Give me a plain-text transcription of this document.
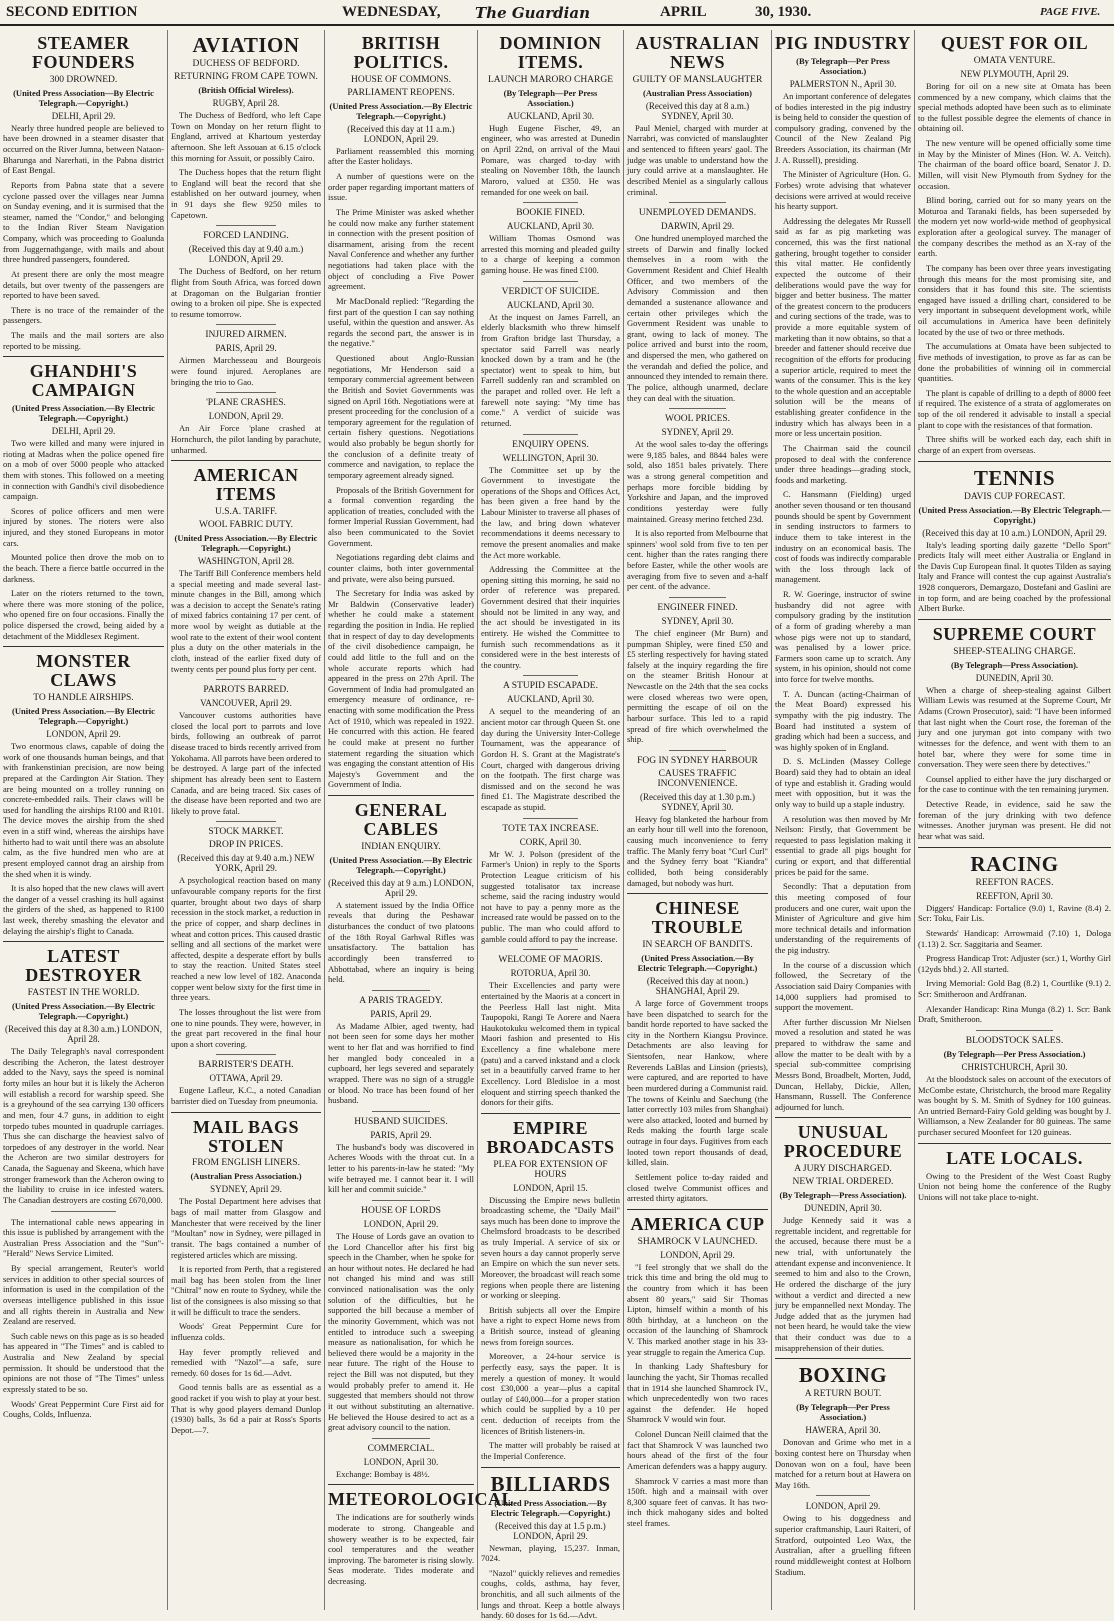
SECOND EDITION	WEDNESDAY, The Guardian	APRIL	30, 1930.	PAGE FIVE.
STEAMER FOUNDERS
300 DROWNED.
(United Press Association—By Electric Telegraph.—Copyright.)
DELHI, April 29.

Nearly three hundred people are believed to have been drowned in a steamer disaster that occurred on the River Jumna, between Nataon-Bharunga and Narerhati, in the Pabna district of East Bengal.

Reports from Pabna state that a severe cyclone passed over the villages near Jumna on Sunday evening, and it is surmised that the steamer, named the "Condor," and belonging to the Indian River Steam Navigation Company, which was proceeding to Goalunda from Juggernathgange, with mails and about three hundred passengers, foundered.

At present there are only the most meagre details, but over twenty of the passengers are reported to have been saved.

There is no trace of the remainder of the passengers.

The mails and the mail sorters are also reported to be missing.

GHANDHI'S CAMPAIGN
(United Press Association.—By Electric Telegraph.—Copyright.)
DELHI, April 29.

Two were killed and many were injured in rioting at Madras when the police opened fire on a mob of over 5000 people who attacked them with stones. This followed on a meeting in connection with Gandhi's civil disobedience campaign.

Scores of police officers and men were injured by stones. The rioters were also injured, and they stoned Europeans in motor cars.

Mounted police then drove the mob on to the beach. There a fierce battle occurred in the darkness.

Later on the rioters returned to the town, where there was more stoning of the police, who opened fire on four occasions. Finally the police dispersed the crowd, being aided by a detachment of the Middlesex Regiment.

MONSTER CLAWS
TO HANDLE AIRSHIPS.
(United Press Association.—By Electric Telegraph.—Copyright.)
LONDON, April 29.

Two enormous claws, capable of doing the work of one thousands human beings, and that with frankenstinian precision, are now being prepared at the Cardington Air Station. They are being mounted on a trolley running on concrete-embedded rails. Their claws will be used for handling the airships R100 and R101. The device moves the airship from the shed even in a stiff wind, whereas the airships have hitherto had to wait until there was an absolute calm, as the five hundred men who are at present employed cannot drag an airship from the shed when it is windy.

It is also hoped that the new claws will avert the danger of a vessel crashing its hull against the girders of the shed, as happened to R100 last week, thereby smashing the elevator and delaying the airship's flight to Canada.

LATEST DESTROYER
FASTEST IN THE WORLD.
(United Press Association.—By Electric Telegraph.—Copyright.)
(Received this day at 8.30 a.m.) LONDON, April 28.

The Daily Telegraph's naval correspondent describing the Acheron, the latest destroyer added to the Navy, says the speed is nominal forty miles an hour but it is likely the Acheron will establish a record for warship speed. She is a greyhound of the sea carrying 130 officers and men, four 4.7 guns, in addition to eight torpedo tubes mounted in quadruple carriages. Thus she can discharge the heaviest salvo of torpedoes of any destroyer in the world. Near the Acheron are two similar destroyers for Canada, the Saguenay and Skeena, which have stronger framework than the Acheron owing to the liability to cruise in ice infested waters. The Canadian destroyers are costing £670,000.

The international cable news appearing in this issue is published by arrangement with the Australian Press Association and the "Sun"-"Herald" News Service Limited.

By special arrangement, Reuter's world services in addition to other special sources of information is used in the compilation of the overseas intelligence published in this issue and all rights therein in Australia and New Zealand are reserved.

Such cable news on this page as is so headed has appeared in "The Times" and is cabled to Australia and New Zealand by special permission. It should be understood that the opinions are not those of "The Times" unless expressly stated to be so.

Woods' Great Peppermint Cure First aid for Coughs, Colds, Influenza.

AVIATION
DUCHESS OF BEDFORD.
RETURNING FROM CAPE TOWN.
(British Official Wireless).
RUGBY, April 28.

The Duchess of Bedford, who left Cape Town on Monday on her return flight to England, arrived at Khartoum yesterday afternoon. She left Assouan at 6.15 o'clock this morning for Assuit, or possibly Cairo.

The Duchess hopes that the return flight to England will beat the record that she established on her outward journey, when in 91 days she flew 9250 miles to Capetown.

FORCED LANDING.
(Received this day at 9.40 a.m.) LONDON, April 29.

The Duchess of Bedford, on her return flight from South Africa, was forced down at Dragoman on the Bulgarian frontier owing to a broken oil pipe. She is expected to resume tomorrow.

INJURED AIRMEN.
PARIS, April 29.

Airmen Marchesseau and Bourgeois were found injured. Aeroplanes are bringing the trio to Gao.

'PLANE CRASHES.
LONDON, April 29.

An Air Force 'plane crashed at Hornchurch, the pilot landing by parachute, unharmed.

AMERICAN ITEMS
U.S.A. TARIFF.
WOOL FABRIC DUTY.
(United Press Association.—By Electric Telegraph.—Copyright.)
WASHINGTON, April 28.

The Tariff Bill Conference members held a special meeting and made several last-minute changes in the Bill, among which was a decision to accept the Senate's rating of mixed fabrics containing 17 per cent. of more wool by weight as dutiable at the wool rate to the extent of their wool content plus a duty on the other materials in the cloth, instead of the earlier fixed duty of twenty cents per pound plus forty per cent.

PARROTS BARRED.
VANCOUVER, April 29.

Vancouver customs authorities have closed the local port to parrots and love birds, following an outbreak of parrot disease traced to birds recently arrived from Yokohama. All parrots have been ordered to be destroyed. A large part of the infected shipment has already been sent to Eastern Canada, and are being traced. Six cases of the disease have been reported and two are likely to prove fatal.

STOCK MARKET.
DROP IN PRICES.
(Received this day at 9.40 a.m.) NEW YORK, April 29.

A psychological reaction based on many unfavourable company reports for the first quarter, brought about two days of sharp recession in the stock market, a reduction in the price of copper, and sharp declines in wheat and cotton prices. This caused drastic selling and all sections of the market were affected, despite a desperate effort by bulls to stay the reaction. United States steel reached a new low level of 182. Anaconda copper went below sixty for the first time in three years.

The losses throughout the list were from one to nine pounds. They were, however, in the great part recovered in the final hour upon a short covering.

BARRISTER'S DEATH.
OTTAWA, April 29.

Eugene Lafleur, K.C., a noted Canadian barrister died on Tuesday from pneumonia.

MAIL BAGS STOLEN
FROM ENGLISH LINERS.
(Australian Press Association.)
SYDNEY, April 29.

The Postal Department here advises that bags of mail matter from Glasgow and Manchester that were received by the liner "Moultan" now in Sydney, were pillaged in transit. The bags contained a number of registered articles which are missing.

It is reported from Perth, that a registered mail bag has been stolen from the liner "Chitral" now en route to Sydney, while the list of the consignees is also missing so that it will be difficult to trace the senders.

Woods' Great Peppermint Cure for influenza colds.

Hay fever promptly relieved and remedied with "Nazol"—a safe, sure remedy. 60 doses for 1s 6d.—Advt.

Good tennis balls are as essential as a good racket if you wish to play at your best. That is why good players demand Dunlop (1930) balls, 3s 6d a pair at Ross's Sports Depot.—7.

BRITISH POLITICS.
HOUSE OF COMMONS.
PARLIAMENT REOPENS.
(United Press Association.—By Electric Telegraph.—Copyright.)
(Received this day at 11 a.m.) LONDON, April 29.

Parliament reassembled this morning after the Easter holidays.

A number of questions were on the order paper regarding important matters of issue.

The Prime Minister was asked whether he could now make any further statement in connection with the present position of disarmament, arising from the recent Naval Conference and whether any further negotiations had taken place with the object of concluding a Five Power agreement.

Mr MacDonald replied: "Regarding the first part of the question I can say nothing useful, within the question and answer. As regards the second part, the answer is in the negative."

Questioned about Anglo-Russian negotiations, Mr Henderson said a temporary commercial agreement between the British and Soviet Governments was signed on April 16th. Negotiations were at present proceeding for the conclusion of a temporary agreement for the regulation of certain fishery questions. Negotiations would also probably be begun shortly for the conclusion of a definite treaty of commerce and navigation, to replace the temporary agreement already signed.

Proposals of the British Government for a formal convention regarding the application of treaties, concluded with the former Imperial Russian Government, had also been communicated to the Soviet Government.

Negotiations regarding debt claims and counter claims, both inter governmental and private, were also being pursued.

The Secretary for India was asked by Mr Baldwin (Conservative leader) whether he could make a statement regarding the position in India. He replied that in respect of day to day developments of the civil disobedience campaign, he could add little to the full and on the whole accurate reports which had appeared in the press on 27th April. The Government of India had promulgated an emergency measure of ordinance, re-enacting with some modification the Press Act of 1910, which was repealed in 1922. He concurred with this action. He feared he could make at present no further statement regarding the situation which was engaging the constant attention of His Majesty's Government and the Government of India.

GENERAL CABLES
INDIAN ENQUIRY.
(United Press Association.—By Electric Telegraph.—Copyright.)
(Received this day at 9 a.m.) LONDON, April 29.

A statement issued by the India Office reveals that during the Peshawar disturbances the conduct of two platoons of the 18th Royal Garhwal Rifles was unsatisfactory. The battalion has accordingly been transferred to Abbottabad, where an inquiry is being held.

A PARIS TRAGEDY.
PARIS, April 29.

As Madame Albier, aged twenty, had not been seen for some days her mother went to her flat and was horrified to find her mangled body concealed in a cupboard, her legs severed and separately wrapped. There was no sign of a struggle or blood. No trace has been found of her husband.

HUSBAND SUICIDES.
PARIS, April 29.

The husband's body was discovered in Acheres Woods with the throat cut. In a letter to his parents-in-law he stated: "My wife betrayed me. I cannot bear it. I will kill her and commit suicide."

HOUSE OF LORDS
LONDON, April 29.

The House of Lords gave an ovation to the Lord Chancellor after his first big speech in the Chamber, when he spoke for an hour without notes. He declared he had not changed his mind and was still convinced nationalisation was the only solution of the difficulties, but he supported the bill because a member of the minority Government, which was not entitled to introduce such a sweeping measure as nationalisation, for which he believed there would be a majority in the near future. The right of the House to reject the Bill was not disputed, but they would probably prefer to amend it. He suggested that members should not throw it out without substituting an alternative. He believed the House desired to act as a great advisory council to the nation.

COMMERCIAL.
LONDON, April 30.

Exchange: Bombay is 48½.

METEOROLOGICAL

The indications are for southerly winds moderate to strong. Changeable and showery weather is to be expected, fair cool temperatures and the weather improving. The barometer is rising slowly. Seas moderate. Tides moderate and decreasing.

DOMINION ITEMS.
LAUNCH MARORO CHARGE
(By Telegraph—Per Press Association.)
AUCKLAND, April 30.

Hugh Eugene Fischer, 49, an engineer, who was arrested at Dunedin on April 22nd, on arrival of the Maui Pomare, was charged to-day with stealing on November 18th, the launch Maroro, valued at £350. He was remanded for one week on bail.

BOOKIE FINED.
AUCKLAND, April 30.

William Thomas Osmond was arrested this morning and pleaded guilty to a charge of keeping a common gaming house. He was fined £100.

VERDICT OF SUICIDE.
AUCKLAND, April 30.

At the inquest on James Farrell, an elderly blacksmith who threw himself from Grafton bridge last Thursday, a spectator said Farrell was nearly knocked down by a tram and he (the spectator) went to speak to him, but Farrell suddenly ran and scrambled on the parapet and rolled over. He left a farewell note saying: "My time has come." A verdict of suicide was returned.

ENQUIRY OPENS.
WELLINGTON, April 30.

The Committee set up by the Government to investigate the operations of the Shops and Offices Act, has been given a free hand by the Labour Minister to traverse all phases of the law, and bring down whatever recommendations it deems necessary to remove the present anomalies and make the Act more workable.

Addressing the Committee at the opening sitting this morning, he said no order of reference was prepared. Government desired that their inquiries should not be limited in any way, and the act should be investigated in its entirety. He wished the Committee to furnish such recommendations as it considered were in the best interests of the country.

A STUPID ESCAPADE.
AUCKLAND, April 30.

A sequel to the meandering of an ancient motor car through Queen St. one day during the University Inter-College Tournament, was the appearance of Gordon H. S. Grant at the Magistrate's Court, charged with dangerous driving on the footpath. The first charge was dismissed and on the second he was fined £1. The Magistrate described the escapade as stupid.

TOTE TAX INCREASE.
CORK, April 30.

Mr W. J. Polson (president of the Farmer's Union) in reply to the Sports Protection League criticism of his suggested totalisator tax increase scheme, said the racing industry would not have to pay a penny more as the increased rate would be passed on to the public. The man who could afford to gamble could afford to pay the increase.

WELCOME OF MAORIS.
ROTORUA, April 30.

Their Excellencies and party were entertained by the Maoris at a concert in the Peerless Hall last night. Mita Taupopoki, Rangi Te Aorere and Naera Haukotokuku welcomed them in typical Maori fashion and presented to His Excellency a fine whalebone mere (patu) and a carved inkstand and a clock set in a beautifully carved frame to her Excellency. Lord Bledisloe in a most eloquent and stirring speech thanked the donors for their gifts.

EMPIRE BROADCASTS
PLEA FOR EXTENSION OF HOURS
LONDON, April 15.

Discussing the Empire news bulletin broadcasting scheme, the "Daily Mail" says much has been done to improve the Chelmsford broadcasts to be described as truly Imperial. A service of six or seven hours a day cannot properly serve an Empire on which the sun never sets. Moreover, the broadcast will reach some regions when people there are listening or working or sleeping.

British subjects all over the Empire have a right to expect Home news from a British source, instead of gleaning news from foreign sources.

Moreover, a 24-hour service is perfectly easy, says the paper. It is merely a question of money. It would cost £30,000 a year—plus a capital outlay of £40,000—for a proper station which could be supplied by a 10 per cent. deduction of receipts from the licences of British listeners-in.

The matter will probably be raised at the Imperial Conference.

BILLIARDS
(United Press Association.—By Electric Telegraph.—Copyright.)
(Received this day at 1.5 p.m.) LONDON, April 29.

Newman, playing, 15,237. Inman, 7024.

"Nazol" quickly relieves and remedies coughs, colds, asthma, hay fever, bronchitis, and all such ailments of the lungs and throat. Keep a bottle always handy. 60 doses for 1s 6d.—Advt.

AUSTRALIAN NEWS
GUILTY OF MANSLAUGHTER
(Australian Press Association)
(Received this day at 8 a.m.) SYDNEY, April 30.

Paul Meniel, charged with murder at Narrabri, was convicted of manslaughter and sentenced to fifteen years' gaol. The judge was unable to understand how the jury could arrive at a manslaughter. He described Meniel as a singularly callous criminal.

UNEMPLOYED DEMANDS.
DARWIN, April 29.

One hundred unemployed marched the streets of Darwin and finally locked themselves in a room with the Government Resident and Chief Health Officer, and two members of the Advisory Commission and then demanded a sustenance allowance and certain other privileges which the Government Resident was unable to grant, owing to lack of money. The police arrived and burst into the room, and dispersed the men, who gathered on the verandah and defied the police, and announced they intended to remain there. The police, although unarmed, declare they can deal with the situation.

WOOL PRICES.
SYDNEY, April 29.

At the wool sales to-day the offerings were 9,185 bales, and 8844 bales were sold, also 1851 bales privately. There was a strong general competition and perhaps more forcible bidding by Yorkshire and Japan, and the improved conditions yesterday were fully maintained. Greasy merino fetched 23d.

It is also reported from Melbourne that spinners' wool sold from five to ten per cent. higher than the rates ranging there before Easter, while the other wools are averaging from five to seven and a-half per cent. of the advance.

ENGINEER FINED.
SYDNEY, April 30.

The chief engineer (Mr Burn) and pumpman Shipley, were fined £50 and £5 sterling respectively for having stated falsely at the inquiry regarding the fire on the steamer British Honour at Newcastle on the 24th that the sea cocks were closed whereas two were open, permitting the escape of oil on the harbour surface. This led to a rapid spread of fire which overwhelmed the ship.

FOG IN SYDNEY HARBOUR
CAUSES TRAFFIC INCONVENIENCE.
(Received this day at 1.30 p.m.) SYDNEY, April 30.

Heavy fog blanketed the harbour from an early hour till well into the forenoon, causing much inconvenience to ferry traffic. The Manly ferry boat "Curl Curl" and the Sydney ferry boat "Kiandra" collided, both being considerably damaged, but nobody was hurt.

CHINESE TROUBLE
IN SEARCH OF BANDITS.
(United Press Association.—By Electric Telegraph.—Copyright.)
(Received this day at noon.) SHANGHAI, April 29.

A large force of Government troops have been dispatched to search for the bandit horde reported to have sacked the city in the Northern Kiangsu Province. Detachments are also leaving for Sientsofen, near Hankow, where Reverends LaBlas and Linsion (priests), were captured, and are reported to have been murdered during a Communist raid. The towns of Keinlu and Saechung (the latter correctly 103 miles from Shanghai) were also attacked, looted and burned by Reds making the fourth large scale outrage in four days. Fugitives from each looted town report thousands of dead, killed, slain.

Settlement police to-day raided and closed twelve Communist offices and arrested thirty agitators.

AMERICA CUP
SHAMROCK V LAUNCHED.
LONDON, April 29.

"I feel strongly that we shall do the trick this time and bring the old mug to the country from which it has been absent 80 years," said Sir Thomas Lipton, himself within a month of his 80th birthday, at a luncheon on the occasion of the launching of Shamrock V. This marked another stage in his 33-year struggle to regain the America Cup.

In thanking Lady Shaftesbury for launching the yacht, Sir Thomas recalled that in 1914 she launched Shamrock IV., which unprecedentedly won two races against the defender. He hoped Shamrock V would win four.

Colonel Duncan Neill claimed that the fact that Shamrock V was launched two hours ahead of the first of the four American defenders was a happy augury.

Shamrock V carries a mast more than 150ft. high and a mainsail with over 8,300 square feet of canvas. It has two-inch thick mahogany sides and bolted steel frames.

PIG INDUSTRY
(By Telegraph—Per Press Association.)
PALMERSTON N., April 30.

An important conference of delegates of bodies interested in the pig industry is being held to consider the question of compulsory grading, convened by the Council of the New Zealand Pig Breeders Association, its chairman (Mr J. A. Russell), presiding.

The Minister of Agriculture (Hon. G. Forbes) wrote advising that whatever decisions were arrived at would receive his hearty support.

Addressing the delegates Mr Russell said as far as pig marketing was concerned, this was the first national gathering, brought together to consider this vital matter. He confidently expected the outcome of their deliberations would pave the way for bigger and better business. The matter of the greatest concern to the producers and curing sections of the trade, was to provide a more equitable system of marketing than it now obtains, so that a breeder and fattener should receive due recognition of the efforts for producing a superior article, required to meet the wants of the consumer. This is the key to the whole question and an acceptable solution will be the means of establishing greater confidence in the industry which has always been in a more or less uncertain position.

The Chairman said the council proposed to deal with the conference under three headings—grading stock, foods and marketing.

C. Hansmann (Fielding) urged another seven thousand or ten thousand pounds should be spent by Government in sending instructors to farmers to induce them to take interest in the industry on an economical basis. The cost of foods was indirectly comparable with the loss through lack of management.

R. W. Goeringe, instructor of swine husbandry did not agree with compulsory grading by the institution of a form of grading whereby a man whose pigs were not up to standard, was penalised by a lower price. Farmers soon came up to scratch. Any system, in his opinion, should not come into force for twelve months.

T. A. Duncan (acting-Chairman of the Meat Board) expressed his sympathy with the pig industry. The Board had instituted a system of grading which had been a success, and was highly spoken of in England.

D. S. McLinden (Massey College Board) said they had to obtain an ideal of type and establish it. Grading would meet with opposition, but it was the only way to build up a staple industry.

A resolution was then moved by Mr Neilson: Firstly, that Government be requested to pass legislation making it essential to grade all pigs bought for curing or export, and that differential prices be paid for the same.

Secondly: That a deputation from this meeting composed of four producers and one curer, wait upon the Minister of Agriculture and give him more technical details and information understanding of the requirements of the pig industry.

In the course of a discussion which followed, the Secretary of the Association said Dairy Companies with 14,000 suppliers had promised to support the movement.

After further discussion Mr Nielsen moved a resolution and stated he was prepared to withdraw the same and allow the matter to be dealt with by a special sub-committee comprising Messrs Bond, Broadbelt, Morten, Judd, Duncan, Hellaby, Dickie, Allen, Hansmann, Russell. The Conference adjourned for lunch.

UNUSUAL PROCEDURE
A JURY DISCHARGED.
NEW TRIAL ORDERED.
(By Telegraph—Press Association).
DUNEDIN, April 30.

Judge Kennedy said it was a regrettable incident, and regrettable for the accused, because there must be a new trial, with unfortunately the attendant expense and inconvenience. It seemed to him and also to the Crown, He ordered the discharge of the jury without a verdict and directed a new jury be empannelled next Monday. The Judge added that as the jurymen had not been heard, he would take the view that their conduct was due to a misapprehension of their duties.

BOXING
A RETURN BOUT.
(By Telegraph—Per Press Association.)
HAWERA, April 30.

Donovan and Grime who met in a boxing contest here on Thursday when Donovan won on a foul, have been matched for a return bout at Hawera on May 16th.

LONDON, April 29.

Owing to his doggedness and superior craftmanship, Lauri Raiteri, of Stratford, outpointed Leo Wax, the Australian, after a gruelling fifteen round middleweight contest at Holborn Stadium.

QUEST FOR OIL
OMATA VENTURE.
NEW PLYMOUTH, April 29.

Boring for oil on a new site at Omata has been commenced by a new company, which claims that the special methods adopted have been such as to eliminate to the fullest possible degree the elements of chance in obtaining oil.

The new venture will be opened officially some time in May by the Minister of Mines (Hon. W. A. Veitch). The chairman of the board office board, Senator J. D. Millen, will visit New Plymouth from Sydney for the occasion.

Blind boring, carried out for so many years on the Moturoa and Taranaki fields, has been superseded by the modern yet now world-wide method of geophysical exploration after a geological survey. The manager of the company describes the method as an X-ray of the earth.

The company has been over three years investigating through this means for the most promising site, and considers that it has found this site. The scientists engaged have issued a drilling chart, considered to be very important in subsequent development work, while oil accumulations in America have been definitely located by the use of two or three methods.

The accumulations at Omata have been subjected to five methods of investigation, to prove as far as can be done the probabilities of winning oil in commercial quantities.

The plant is capable of drilling to a depth of 8000 feet if required. The existence of a strata of agglomerates on top of the oil rendered it advisable to install a special plant to cope with the resistances of that formation.

Three shifts will be worked each day, each shift in charge of an expert from overseas.

TENNIS
DAVIS CUP FORECAST.
(United Press Association.—By Electric Telegraph.—Copyright.)
(Received this day at 10 a.m.) LONDON, April 29.

Italy's leading sporting daily gazette "Dello Sport" predicts Italy will meet either Australia or England in the Davis Cup European final. It quotes Tilden as saying Italy and France will contest the cup against Australia's 1928 conquerors, Demargazo, Dostefani and Gaslini are in top form, and are being coached by the professional Albert Burke.

SUPREME COURT
SHEEP-STEALING CHARGE.
(By Telegraph—Press Association).
DUNEDIN, April 30.

When a charge of sheep-stealing against Gilbert William Lewis was resumed at the Supreme Court, Mr Adams (Crown Prosecutor), said: "I have been informed that last night when the Court rose, the foreman of the jury and one juryman got into company with two witnesses for the defence, and went with them to an hotel bar, where they were for some time in conversation. They were seen there by detectives."

Counsel applied to either have the jury discharged or for the case to continue with the ten remaining jurymen.

Detective Reade, in evidence, said he saw the foreman of the jury drinking with two defence witnesses. Another juryman was present. He did not hear what was said.

RACING
REEFTON RACES.
REEFTON, April 30.

Diggers' Handicap: Fortalice (9.0) 1, Ravine (8.4) 2. Scr: Toku, Fair Lis.

Stewards' Handicap: Arrowmaid (7.10) 1, Dologa (1.13) 2. Scr. Saggitaria and Seamer.

Progress Handicap Trot: Adjuster (scr.) 1, Worthy Girl (12yds bhd.) 2. All started.

Irving Memorial: Gold Bag (8.2) 1, Courtlike (9.1) 2. Scr: Smitheroon and Ardfranan.

Alexander Handicap: Rina Munga (8.2) 1. Scr: Bank Draft, Smitheroon.

BLOODSTOCK SALES.
(By Telegraph—Per Press Association.)
CHRISTCHURCH, April 30.

At the bloodstock sales on account of the executors of McCombe estate, Christchurch, the brood mare Regality was bought by S. M. Smith of Sydney for 100 guineas. An untried Bernard-Fairy Gold gelding was bought by J. Williamson, a New Zealander for 80 guineas. The same purchaser secured Moonfeet for 120 guineas.

LATE LOCALS.

Owing to the President of the West Coast Rugby Union not being home the conference of the Rugby Unions will not take place to-night.
